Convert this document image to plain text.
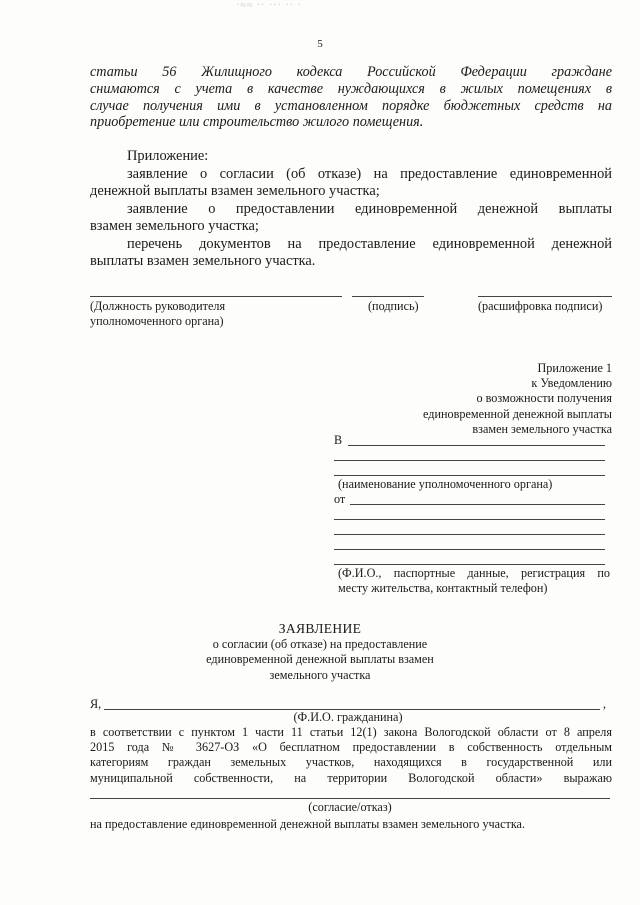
·≈≈ ·· ··· ·· ·
5
статьи 56 Жилищного кодекса Российской Федерации граждане
снимаются с учета в качестве нуждающихся в жилых помещениях в
случае получения ими в установленном порядке бюджетных средств на
приобретение или строительство жилого помещения.
Приложение:
заявление о согласии (об отказе) на предоставление единовременной
денежной выплаты взамен земельного участка;
заявление о предоставлении единовременной денежной выплаты
взамен земельного участка;
перечень документов на предоставление единовременной денежной
выплаты взамен земельного участка.
(Должность руководителя
уполномоченного органа)
(подпись)	(расшифровка подписи)
Приложение 1
к Уведомлению
о возможности получения
единовременной денежной выплаты
взамен земельного участка
В
(наименование уполномоченного органа)
от
(Ф.И.О., паспортные данные, регистрация по
месту жительства, контактный телефон)
ЗАЯВЛЕНИЕ
о согласии (об отказе) на предоставление
единовременной денежной выплаты взамен
земельного участка
Я,	,
(Ф.И.О. гражданина)
в соответствии с пунктом 1 части 11 статьи 12(1) закона Вологодской области от 8 апреля
2015 года № 3627-ОЗ «О бесплатном предоставлении в собственность отдельным
категориям граждан земельных участков, находящихся в государственной или
муниципальной собственности, на территории Вологодской области» выражаю
(согласие/отказ)
на предоставление единовременной денежной выплаты взамен земельного участка.
